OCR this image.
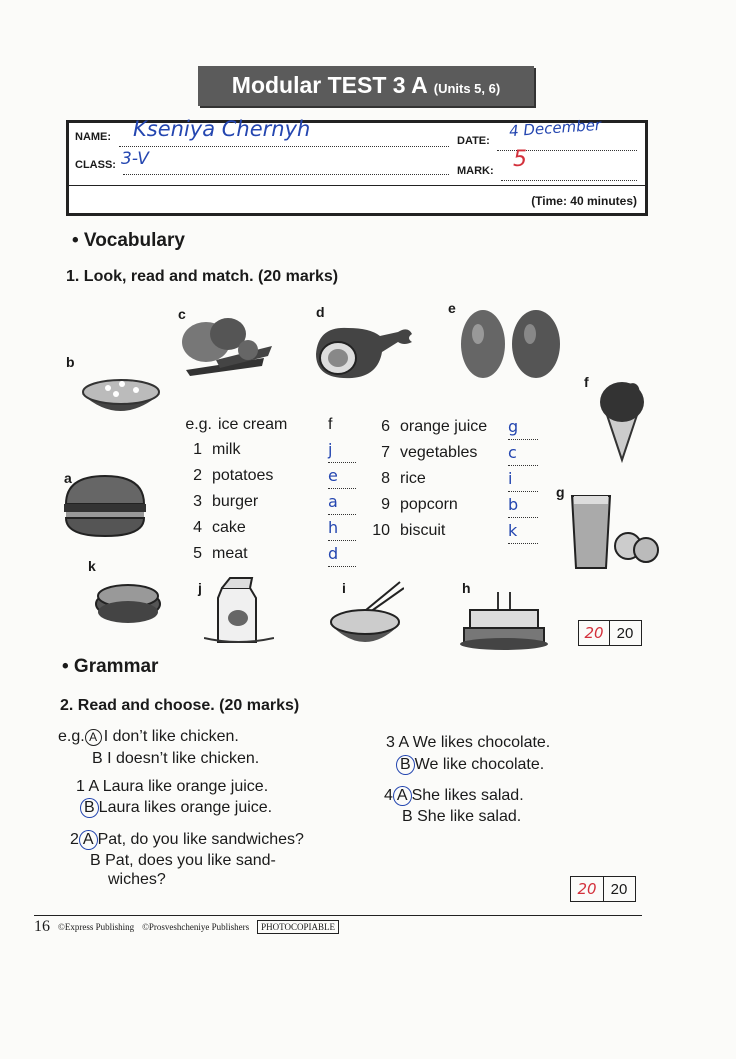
Modular TEST 3 A (Units 5, 6)
NAME: Kseniya Chernyh	DATE:
4 December
CLASS: 3-V
MARK: 5
(Time: 40 minutes)
• Vocabulary
1. Look, read and match. (20 marks)
c	d	e
b
f
a
g
k
j	i	h
e.g. ice cream	f
1 milk	j
2 potatoes	e
3 burger	a
4 cake	h
5 meat	d
6 orange juice	g
7 vegetables	c
8 rice	i
9 popcorn	b
10 biscuit	k
20 20
• Grammar
2. Read and choose. (20 marks)
e.g. A I don’t like chicken.
B I doesn’t like chicken.
1 A Laura like orange juice.
B Laura likes orange juice.
2 A Pat, do you like sandwiches?
B Pat, does you like sand-
wiches?
3 A We likes chocolate.
B We like chocolate.
4 A She likes salad.
B She like salad.
20 20
16 ©Express Publishing ©Prosveshcheniye Publishers	PHOTOCOPIABLE
